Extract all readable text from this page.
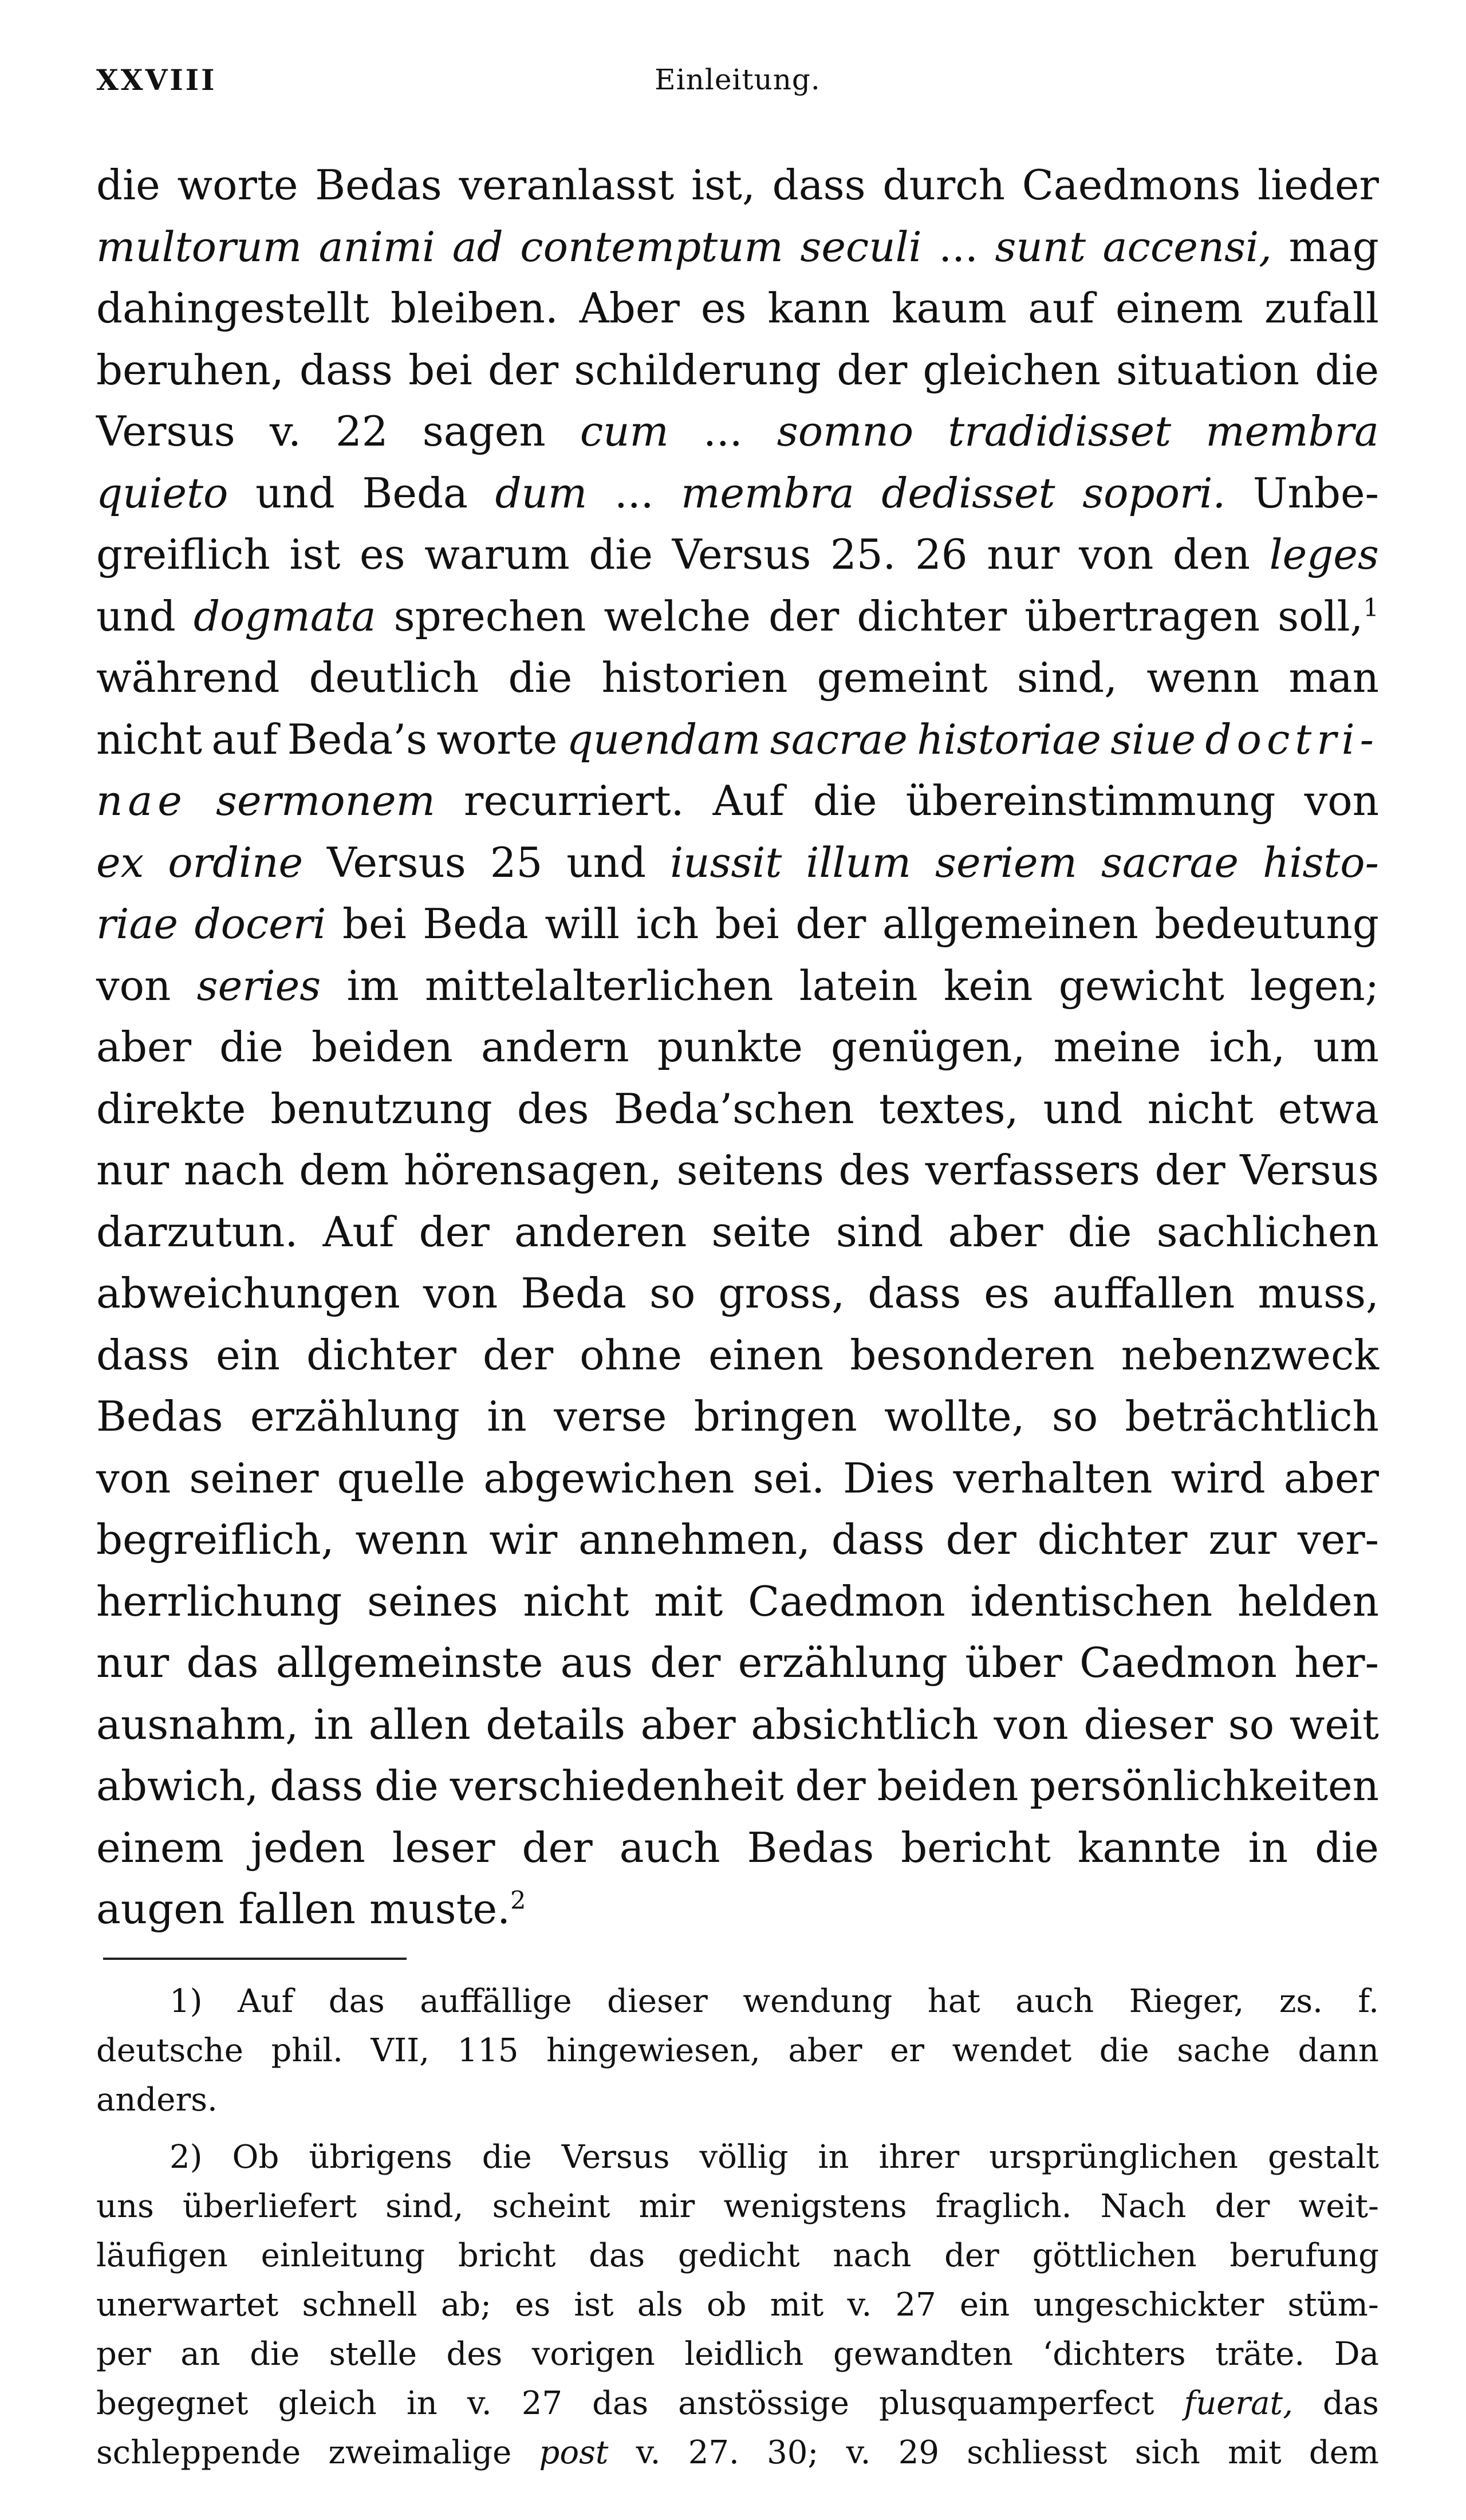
XXVIII	Einleitung.
die worte Bedas veranlasst ist, dass durch Caedmons lieder
multorum animi ad contemptum seculi ... sunt accensi, mag
dahingestellt bleiben. Aber es kann kaum auf einem zufall
beruhen, dass bei der schilderung der gleichen situation die
Versus v. 22 sagen cum ... somno tradidisset membra
quieto und Beda dum ... membra dedisset sopori. Unbe-
greiflich ist es warum die Versus 25. 26 nur von den leges
und dogmata sprechen welche der dichter übertragen soll,$^1$
während deutlich die historien gemeint sind, wenn man
nicht auf Beda’s worte quendam sacrae historiae siue doctri-
nae sermonem recurriert. Auf die übereinstimmung von
ex ordine Versus 25 und iussit illum seriem sacrae histo-
riae doceri bei Beda will ich bei der allgemeinen bedeutung
von series im mittelalterlichen latein kein gewicht legen;
aber die beiden andern punkte genügen, meine ich, um
direkte benutzung des Beda’schen textes, und nicht etwa
nur nach dem hörensagen, seitens des verfassers der Versus
darzutun. Auf der anderen seite sind aber die sachlichen
abweichungen von Beda so gross, dass es auffallen muss,
dass ein dichter der ohne einen besonderen nebenzweck
Bedas erzählung in verse bringen wollte, so beträchtlich
von seiner quelle abgewichen sei. Dies verhalten wird aber
begreiflich, wenn wir annehmen, dass der dichter zur ver-
herrlichung seines nicht mit Caedmon identischen helden
nur das allgemeinste aus der erzählung über Caedmon her-
ausnahm, in allen details aber absichtlich von dieser so weit
abwich, dass die verschiedenheit der beiden persönlichkeiten
einem jeden leser der auch Bedas bericht kannte in die
augen fallen muste.$^2$
1) Auf das auffällige dieser wendung hat auch Rieger, zs. f.
deutsche phil. VII, 115 hingewiesen, aber er wendet die sache dann
anders.
2) Ob übrigens die Versus völlig in ihrer ursprünglichen gestalt
uns überliefert sind, scheint mir wenigstens fraglich. Nach der weit-
läufigen einleitung bricht das gedicht nach der göttlichen berufung
unerwartet schnell ab; es ist als ob mit v. 27 ein ungeschickter stüm-
per an die stelle des vorigen leidlich gewandten ‘dichters träte. Da
begegnet gleich in v. 27 das anstössige plusquamperfect fuerat, das
schleppende zweimalige post v. 27. 30; v. 29 schliesst sich mit dem
